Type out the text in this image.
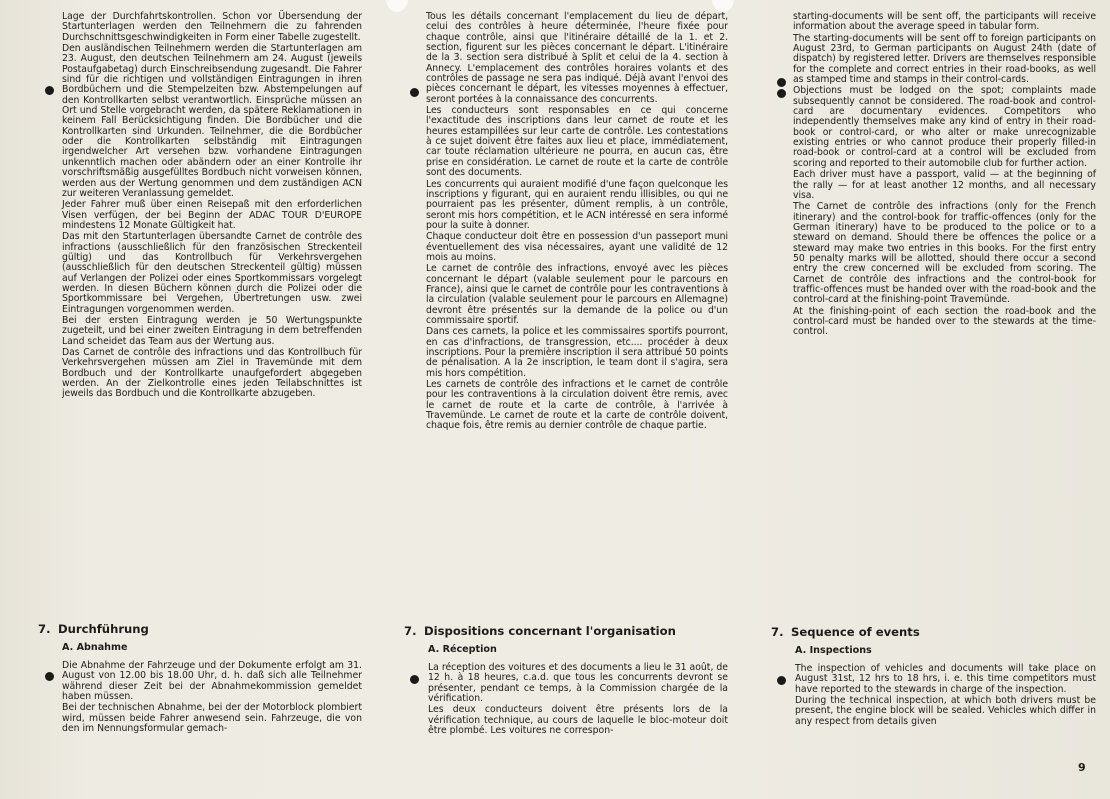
Lage der Durchfahrtskontrollen. Schon vor Übersendung der Startunterlagen werden den Teilnehmern die zu fahrenden Durchschnittsgeschwindigkeiten in Form einer Tabelle zugestellt.

Den ausländischen Teilnehmern werden die Startunterlagen am 23. August, den deutschen Teilnehmern am 24. August (jeweils Postaufgabetag) durch Einschreibsendung zugesandt. Die Fahrer sind für die richtigen und vollständigen Eintragungen in ihren Bordbüchern und die Stempelzeiten bzw. Abstempelungen auf den Kontrollkarten selbst verantwortlich. Einsprüche müssen an Ort und Stelle vorgebracht werden, da spätere Reklamationen in keinem Fall Berücksichtigung finden. Die Bordbücher und die Kontrollkarten sind Urkunden. Teilnehmer, die die Bordbücher oder die Kontrollkarten selbständig mit Eintragungen irgendwelcher Art versehen bzw. vorhandene Eintragungen unkenntlich machen oder abändern oder an einer Kontrolle ihr vorschriftsmäßig ausgefülltes Bordbuch nicht vorweisen können, werden aus der Wertung genommen und dem zuständigen ACN zur weiteren Veranlassung gemeldet.

Jeder Fahrer muß über einen Reisepaß mit den erforderlichen Visen verfügen, der bei Beginn der ADAC TOUR D'EUROPE mindestens 12 Monate Gültigkeit hat.

Das mit den Startunterlagen übersandte Carnet de contrôle des infractions (ausschließlich für den französischen Streckenteil gültig) und das Kontrollbuch für Verkehrsvergehen (ausschließlich für den deutschen Streckenteil gültig) müssen auf Verlangen der Polizei oder eines Sportkommissars vorgelegt werden. In diesen Büchern können durch die Polizei oder die Sportkommissare bei Vergehen, Übertretungen usw. zwei Eintragungen vorgenommen werden.

Bei der ersten Eintragung werden je 50 Wertungspunkte zugeteilt, und bei einer zweiten Eintragung in dem betreffenden Land scheidet das Team aus der Wertung aus.

Das Carnet de contrôle des infractions und das Kontrollbuch für Verkehrsvergehen müssen am Ziel in Travemünde mit dem Bordbuch und der Kontrollkarte unaufgefordert abgegeben werden. An der Zielkontrolle eines jeden Teilabschnittes ist jeweils das Bordbuch und die Kontrollkarte abzugeben.

Tous les détails concernant l'emplacement du lieu de départ, celui des contrôles à heure déterminée, l'heure fixée pour chaque contrôle, ainsi que l'itinéraire détaillé de la 1. et 2. section, figurent sur les pièces concernant le départ. L'itinéraire de la 3. section sera distribué à Split et celui de la 4. section à Annecy. L'emplacement des contrôles horaires volants et des contrôles de passage ne sera pas indiqué. Déjà avant l'envoi des pièces concernant le départ, les vitesses moyennes à effectuer, seront portées à la connaissance des concurrents.

Les conducteurs sont responsables en ce qui concerne l'exactitude des inscriptions dans leur carnet de route et les heures estampillées sur leur carte de contrôle. Les contestations à ce sujet doivent être faites aux lieu et place, immédiatement, car toute réclamation ultérieure ne pourra, en aucun cas, être prise en considération. Le carnet de route et la carte de contrôle sont des documents.

Les concurrents qui auraient modifié d'une façon quelconque les inscriptions y figurant, qui en auraient rendu illisibles, ou qui ne pourraient pas les présenter, dûment remplis, à un contrôle, seront mis hors compétition, et le ACN intéressé en sera informé pour la suite à donner.

Chaque conducteur doit être en possession d'un passeport muni éventuellement des visa nécessaires, ayant une validité de 12 mois au moins.

Le carnet de contrôle des infractions, envoyé avec les pièces concernant le départ (valable seulement pour le parcours en France), ainsi que le carnet de contrôle pour les contraventions à la circulation (valable seulement pour le parcours en Allemagne) devront être présentés sur la demande de la police ou d'un commissaire sportif.

Dans ces carnets, la police et les commissaires sportifs pourront, en cas d'infractions, de transgression, etc.... procéder à deux inscriptions. Pour la première inscription il sera attribué 50 points de pénalisation. A la 2e inscription, le team dont il s'agira, sera mis hors compétition.

Les carnets de contrôle des infractions et le carnet de contrôle pour les contraventions à la circulation doivent être remis, avec le carnet de route et la carte de contrôle, à l'arrivée à Travemünde. Le carnet de route et la carte de contrôle doivent, chaque fois, être remis au dernier contrôle de chaque partie.

starting-documents will be sent off, the participants will receive information about the average speed in tabular form.

The starting-documents will be sent off to foreign participants on August 23rd, to German participants on August 24th (date of dispatch) by registered letter. Drivers are themselves responsible for the complete and correct entries in their road-books, as well as stamped time and stamps in their control-cards.

Objections must be lodged on the spot; complaints made subsequently cannot be considered. The road-book and control-card are documentary evidences. Competitors who independently themselves make any kind of entry in their road-book or control-card, or who alter or make unrecognizable existing entries or who cannot produce their properly filled-in road-book or control-card at a control will be excluded from scoring and reported to their automobile club for further action.

Each driver must have a passport, valid — at the beginning of the rally — for at least another 12 months, and all necessary visa.

The Carnet de contrôle des infractions (only for the French itinerary) and the control-book for traffic-offences (only for the German itinerary) have to be produced to the police or to a steward on demand. Should there be offences the police or a steward may make two entries in this books. For the first entry 50 penalty marks will be allotted, should there occur a second entry the crew concerned will be excluded from scoring. The Carnet de contrôle des infractions and the control-book for traffic-offences must be handed over with the road-book and the control-card at the finishing-point Travemünde.

At the finishing-point of each section the road-book and the control-card must be handed over to the stewards at the time-control.

7. Durchführung
A. Abnahme

Die Abnahme der Fahrzeuge und der Dokumente erfolgt am 31. August von 12.00 bis 18.00 Uhr, d. h. daß sich alle Teilnehmer während dieser Zeit bei der Abnahmekommission gemeldet haben müssen.

Bei der technischen Abnahme, bei der der Motorblock plombiert wird, müssen beide Fahrer anwesend sein. Fahrzeuge, die von den im Nennungsformular gemach-

7. Dispositions concernant l'organisation
A. Réception

La réception des voitures et des documents a lieu le 31 août, de 12 h. à 18 heures, c.a.d. que tous les concurrents devront se présenter, pendant ce temps, à la Commission chargée de la vérification.

Les deux conducteurs doivent être présents lors de la vérification technique, au cours de laquelle le bloc-moteur doit être plombé. Les voitures ne correspon-

7. Sequence of events
A. Inspections

The inspection of vehicles and documents will take place on August 31st, 12 hrs to 18 hrs, i. e. this time competitors must have reported to the stewards in charge of the inspection.

During the technical inspection, at which both drivers must be present, the engine block will be sealed. Vehicles which differ in any respect from details given

9
